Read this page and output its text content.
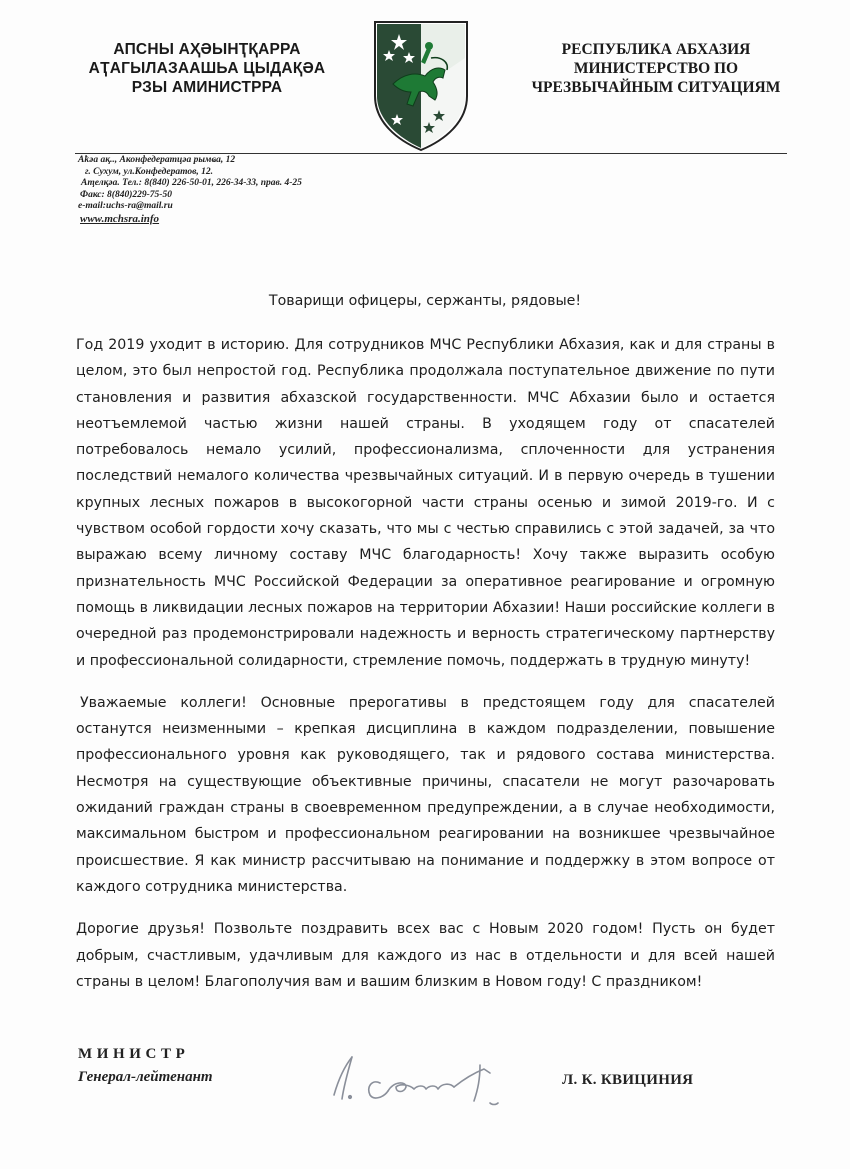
АПСНЫ АҲӘЫНҬҚАРРА
АҬАГЫЛАЗААШЬА ЦЫДАҚӘА
РЗЫ АМИНИСТРРА
РЕСПУБЛИКА АБХАЗИЯ
МИНИСТЕРСТВО ПО
ЧРЕЗВЫЧАЙНЫМ СИТУАЦИЯМ
Аҟәа ақ.., Аконфедератцәа рымҩа, 12
г. Сухум, ул.Конфедератов, 12.
Аҭелқәа. Тел.: 8(840) 226-50-01, 226-34-33, прав. 4-25
Факс: 8(840)229-75-50
e-mail:uchs-ra@mail.ru
www.mchsra.info
Товарищи офицеры, сержанты, рядовые!

Год 2019 уходит в историю. Для сотрудников МЧС Республики Абхазия, как и для страны в целом, это был непростой год. Республика продолжала поступательное движение по пути становления и развития абхазской государственности. МЧС Абхазии было и остается неотъемлемой частью жизни нашей страны. В уходящем году от спасателей потребовалось немало усилий, профессионализма, сплоченности для устранения последствий немалого количества чрезвычайных ситуаций. И в первую очередь в тушении крупных лесных пожаров в высокогорной части страны осенью и зимой 2019-го. И с чувством особой гордости хочу сказать, что мы с честью справились с этой задачей, за что выражаю всему личному составу МЧС благодарность! Хочу также выразить особую признательность МЧС Российской Федерации за оперативное реагирование и огромную помощь в ликвидации лесных пожаров на территории Абхазии! Наши российские коллеги в очередной раз продемонстрировали надежность и верность стратегическому партнерству и профессиональной солидарности, стремление помочь, поддержать в трудную минуту!

Уважаемые коллеги! Основные прерогативы в предстоящем году для спасателей останутся неизменными – крепкая дисциплина в каждом подразделении, повышение профессионального уровня как руководящего, так и рядового состава министерства. Несмотря на существующие объективные причины, спасатели не могут разочаровать ожиданий граждан страны в своевременном предупреждении, а в случае необходимости, максимальном быстром и профессиональном реагировании на возникшее чрезвычайное происшествие. Я как министр рассчитываю на понимание и поддержку в этом вопросе от каждого сотрудника министерства.

Дорогие друзья! Позвольте поздравить всех вас с Новым 2020 годом! Пусть он будет добрым, счастливым, удачливым для каждого из нас в отдельности и для всей нашей страны в целом! Благополучия вам и вашим близким в Новом году! С праздником!

МИНИСТР
Генерал-лейтенант	Л. К. КВИЦИНИЯ
